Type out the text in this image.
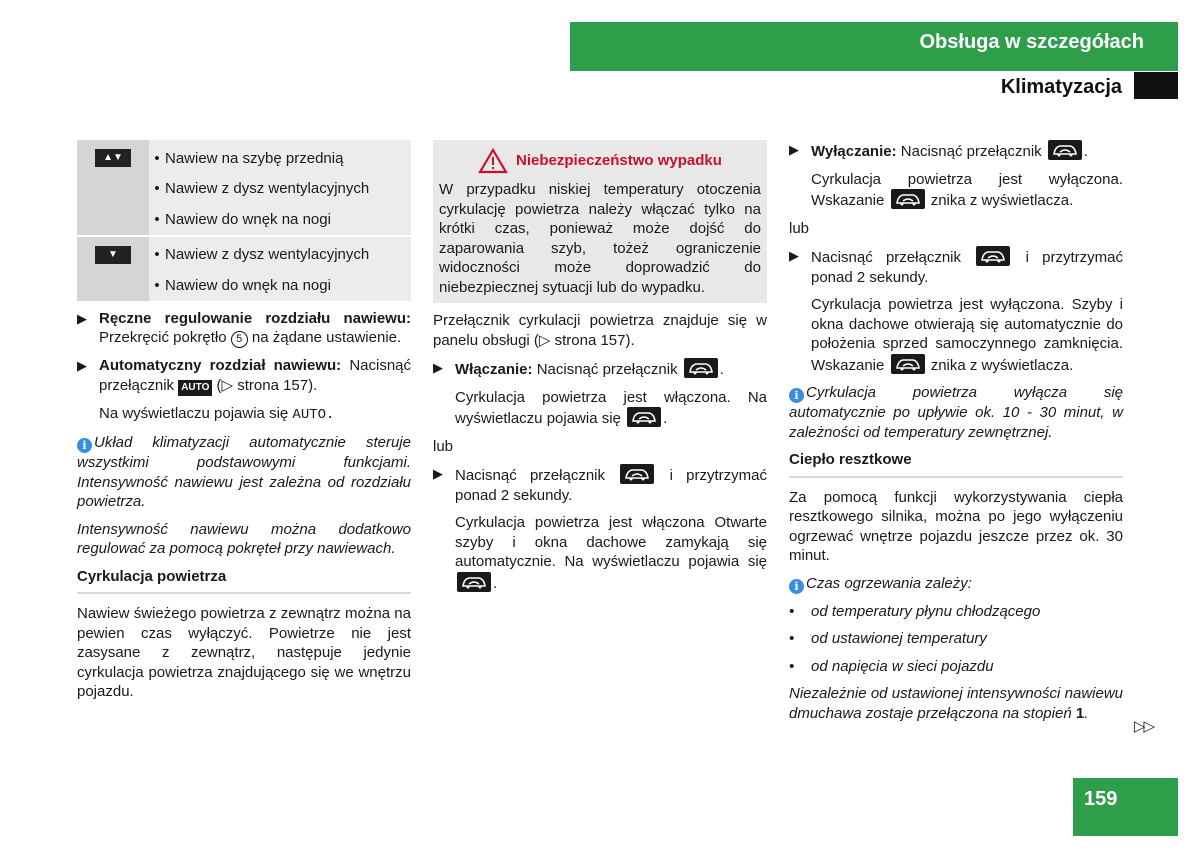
Obsługa w szczegółach
Klimatyzacja
▲▼	• Nawiew na szybę przednią
• Nawiew z dysz wentylacyjnych
• Nawiew do wnęk na nogi
▼	• Nawiew z dysz wentylacyjnych
• Nawiew do wnęk na nogi
▶
Ręczne regulowanie rozdziału nawiewu: Przekręcić pokrętło 5 na żądane ustawienie.
▶
Automatyczny rozdział nawiewu: Nacisnąć przełącznik AUTO (▷ strona 157).

Na wyświetlaczu pojawia się AUTO.

i Układ klimatyzacji automatycznie steruje wszystkimi podstawowymi funkcjami. Intensywność nawiewu jest zależna od rozdziału powietrza.

Intensywność nawiewu można dodatkowo regulować za pomocą pokręteł przy nawiewach.

Cyrkulacja powietrza

Nawiew świeżego powietrza z zewnątrz można na pewien czas wyłączyć. Powietrze nie jest zasysane z zewnątrz, następuje jedynie cyrkulacja powietrza znajdującego się we wnętrzu pojazdu.

Niebezpieczeństwo wypadku

W przypadku niskiej temperatury otoczenia cyrkulację powietrza należy włączać tylko na krótki czas, ponieważ może dojść do zaparowania szyb, tożeż ograniczenie widoczności może doprowadzić do niebezpiecznej sytuacji lub do wypadku.

Przełącznik cyrkulacji powietrza znajduje się w panelu obsługi (▷ strona 157).

▶
Włączanie: Nacisnąć przełącznik	.

Cyrkulacja powietrza jest włączona. Na wyświetlaczu pojawia się	.

lub

▶
Nacisnąć przełącznik	i przytrzymać ponad 2 sekundy.

Cyrkulacja powietrza jest włączona Otwarte szyby i okna dachowe zamykają się automatycznie. Na wyświetlaczu pojawia się
.

▶
Wyłączanie: Nacisnąć przełącznik	.

Cyrkulacja powietrza jest wyłączona. Wskazanie	znika z wyświetlacza.

lub

▶
Nacisnąć przełącznik	i przytrzymać ponad 2 sekundy.

Cyrkulacja powietrza jest wyłączona. Szyby i okna dachowe otwierają się automatycznie do położenia sprzed samoczynnego zamknięcia. Wskazanie	znika z wyświetlacza.

i Cyrkulacja powietrza wyłącza się automatycznie po upływie ok. 10 - 30 minut, w zależności od temperatury zewnętrznej.

Ciepło resztkowe

Za pomocą funkcji wykorzystywania ciepła resztkowego silnika, można po jego wyłączeniu ogrzewać wnętrze pojazdu jeszcze przez ok. 30 minut.

i Czas ogrzewania zależy:

•	od temperatury płynu chłodzącego
•	od ustawionej temperatury
•	od napięcia w sieci pojazdu

Niezależnie od ustawionej intensywności nawiewu dmuchawa zostaje przełączona na stopień 1.

▷▷
159
